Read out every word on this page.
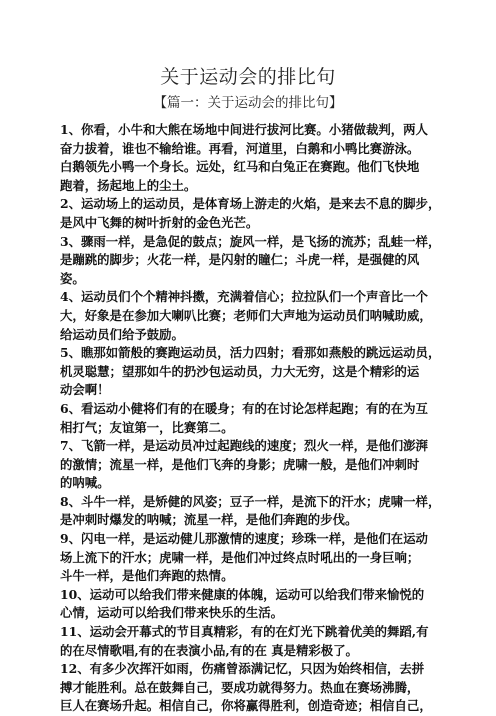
关于运动会的排比句
【篇一：关于运动会的排比句】
1、你看，小牛和大熊在场地中间进行拔河比赛。小猪做裁判，两人
奋力拔着，谁也不输给谁。再看，河道里，白鹅和小鸭比赛游泳。
白鹅领先小鸭一个身长。远处，红马和白兔正在赛跑。他们飞快地
跑着，扬起地上的尘土。
2、运动场上的运动员，是体育场上游走的火焰，是来去不息的脚步，
是风中飞舞的树叶折射的金色光芒。
3、骤雨一样，是急促的鼓点；旋风一样，是飞扬的流苏；乱蛙一样，
是蹦跳的脚步；火花一样，是闪射的瞳仁；斗虎一样，是强健的风
姿。
4、运动员们个个精神抖擞，充满着信心；拉拉队们一个声音比一个
大，好象是在参加大喇叭比赛；老师们大声地为运动员们呐喊助威，
给运动员们给予鼓励。
5、瞧那如箭般的赛跑运动员，活力四射；看那如燕般的跳远运动员，
机灵聪慧；望那如牛的扔沙包运动员，力大无穷，这是个精彩的运
动会啊！
6、看运动小健将们有的在暖身；有的在讨论怎样起跑；有的在为互
相打气；友谊第一，比赛第二。
7、飞箭一样，是运动员冲过起跑线的速度；烈火一样，是他们澎湃
的激情；流星一样，是他们飞奔的身影；虎啸一般，是他们冲刺时
的呐喊。
8、斗牛一样，是矫健的风姿；豆子一样，是流下的汗水；虎啸一样，
是冲刺时爆发的呐喊；流星一样，是他们奔跑的步伐。
9、闪电一样，是运动健儿那激情的速度；珍珠一样，是他们在运动
场上流下的汗水；虎啸一样，是他们冲过终点时吼出的一身巨响；
斗牛一样，是他们奔跑的热情。
10、运动可以给我们带来健康的体魄，运动可以给我们带来愉悦的
心情，运动可以给我们带来快乐的生活。
11、运动会开幕式的节目真精彩，有的在灯光下跳着优美的舞蹈,有
的在尽情歌唱,有的在表演小品,有的在 真是精彩极了。
12、有多少次挥汗如雨，伤痛曾添满记忆，只因为始终相信，去拼
搏才能胜利。总在鼓舞自己，要成功就得努力。热血在赛场沸腾，
巨人在赛场升起。相信自己，你将赢得胜利，创造奇迹；相信自己，
